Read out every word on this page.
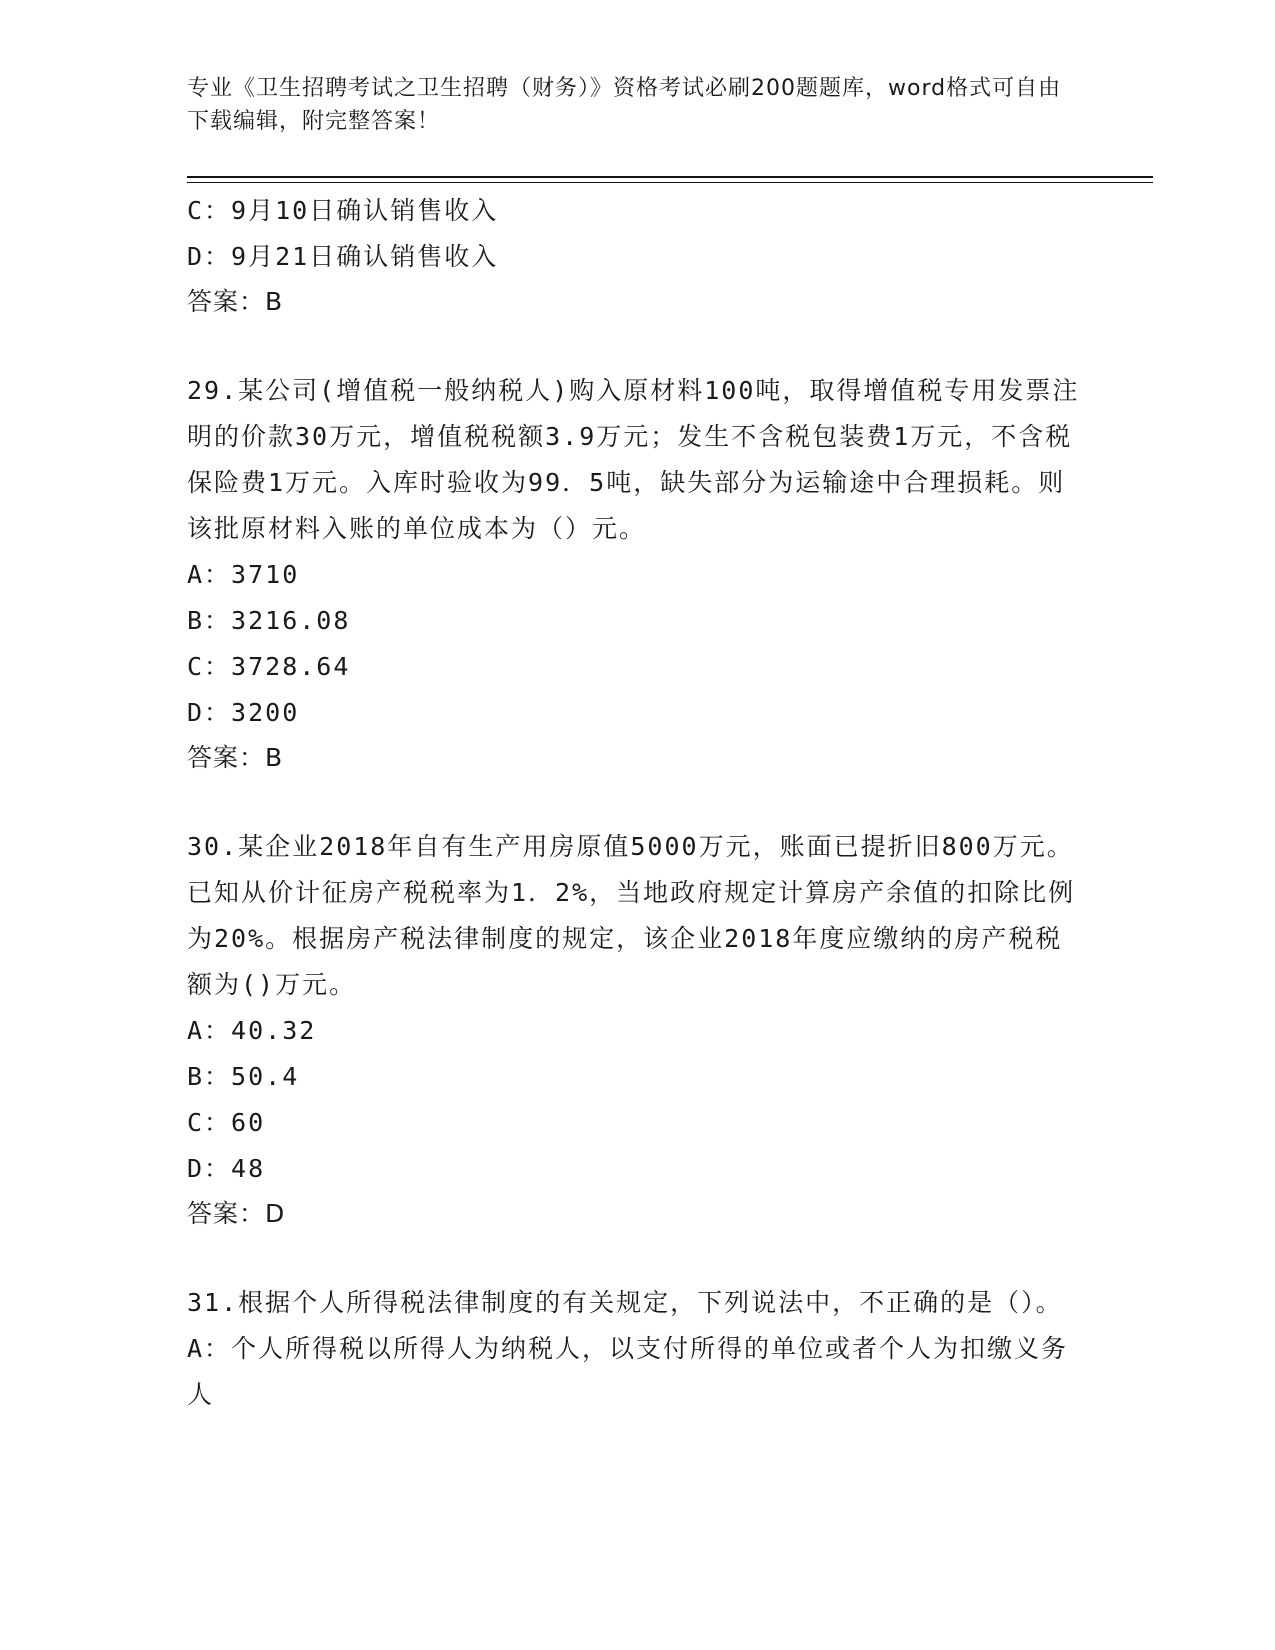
专业《卫生招聘考试之卫生招聘（财务）》资格考试必刷200题题库，word格式可自由下载编辑，附完整答案！
C：9月10日确认销售收入
D：9月21日确认销售收入
答案：B
29.某公司(增值税一般纳税人)购入原材料100吨，取得增值税专用发票注明的价款30万元，增值税税额3.9万元；发生不含税包装费1万元，不含税保险费1万元。入库时验收为99．5吨，缺失部分为运输途中合理损耗。则该批原材料入账的单位成本为（）元。
A：3710
B：3216.08
C：3728.64
D：3200
答案：B
30.某企业2018年自有生产用房原值5000万元，账面已提折旧800万元。已知从价计征房产税税率为1．2%，当地政府规定计算房产余值的扣除比例为20%。根据房产税法律制度的规定，该企业2018年度应缴纳的房产税税额为()万元。
A：40.32
B：50.4
C：60
D：48
答案：D
31.根据个人所得税法律制度的有关规定，下列说法中，不正确的是（）。
A：个人所得税以所得人为纳税人，以支付所得的单位或者个人为扣缴义务人
